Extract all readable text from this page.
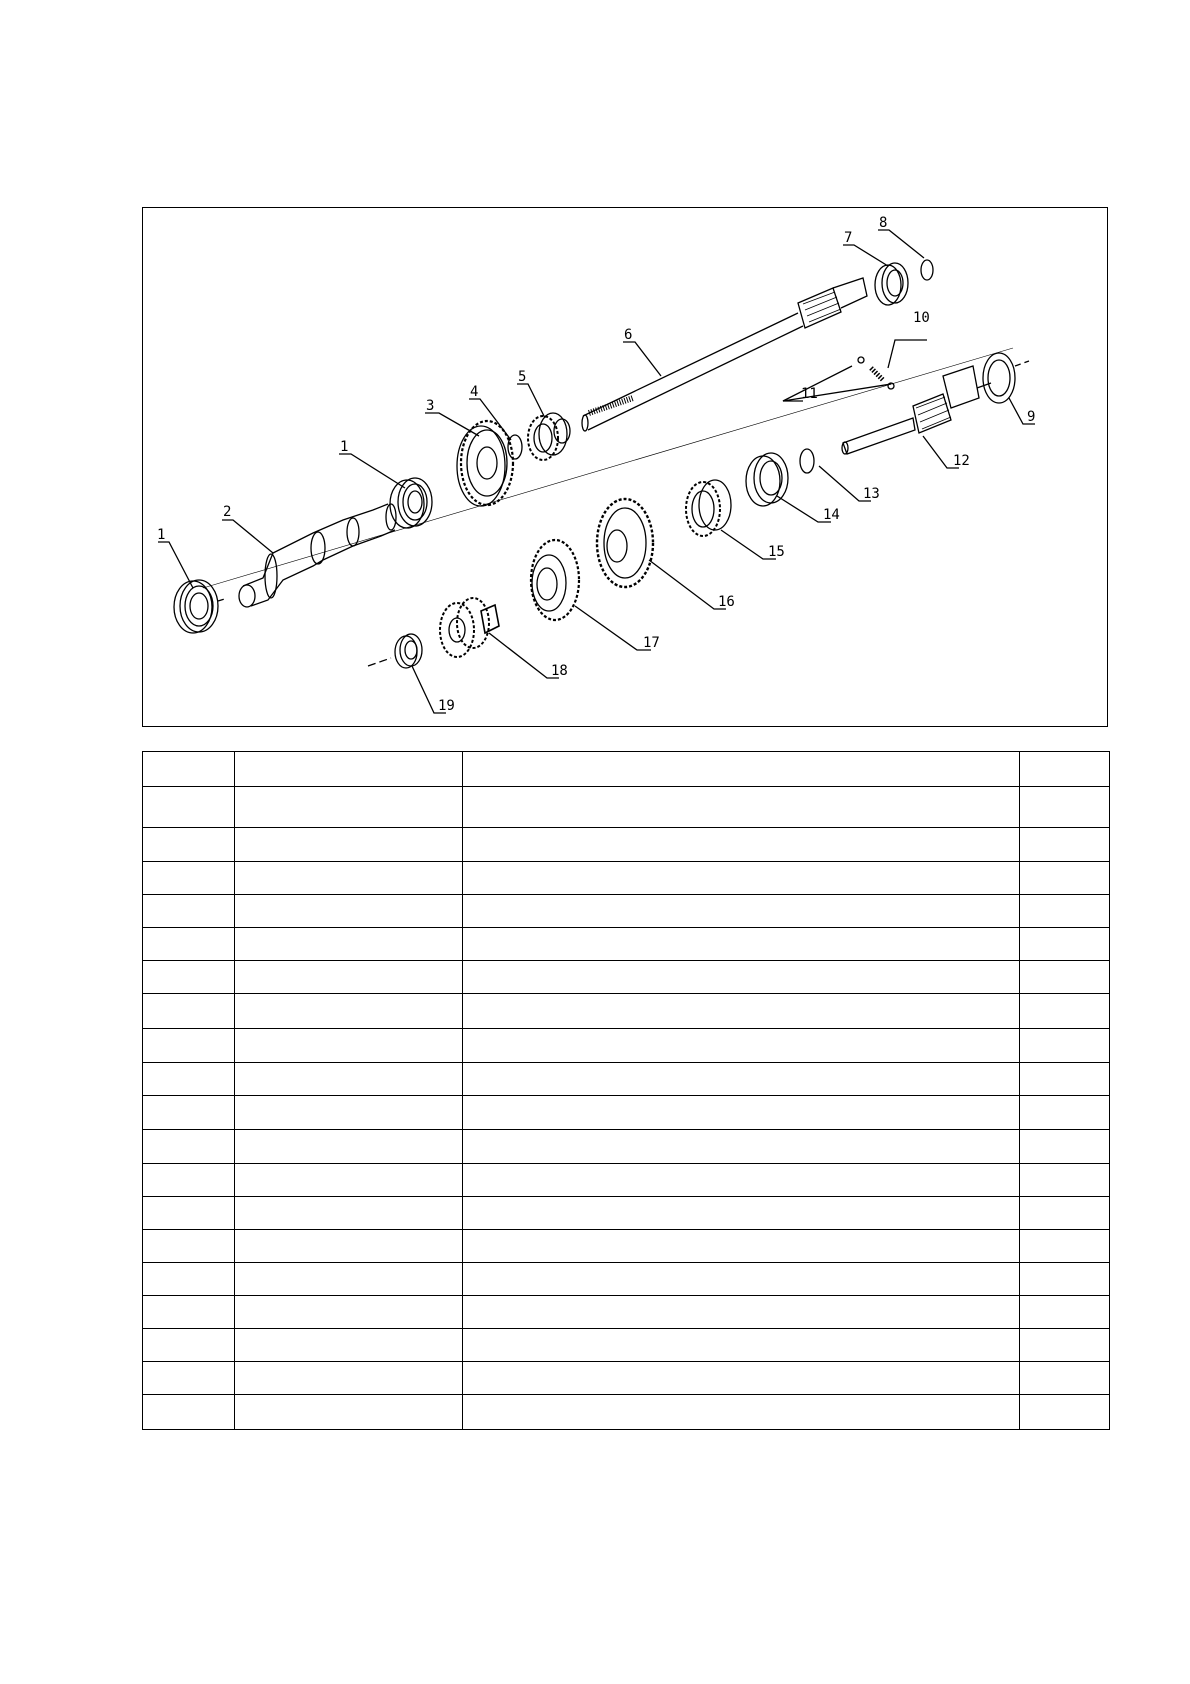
1
2
1
3
4
5
6
7
8
10
11
12
13
14
15
16
17
18
19
9
